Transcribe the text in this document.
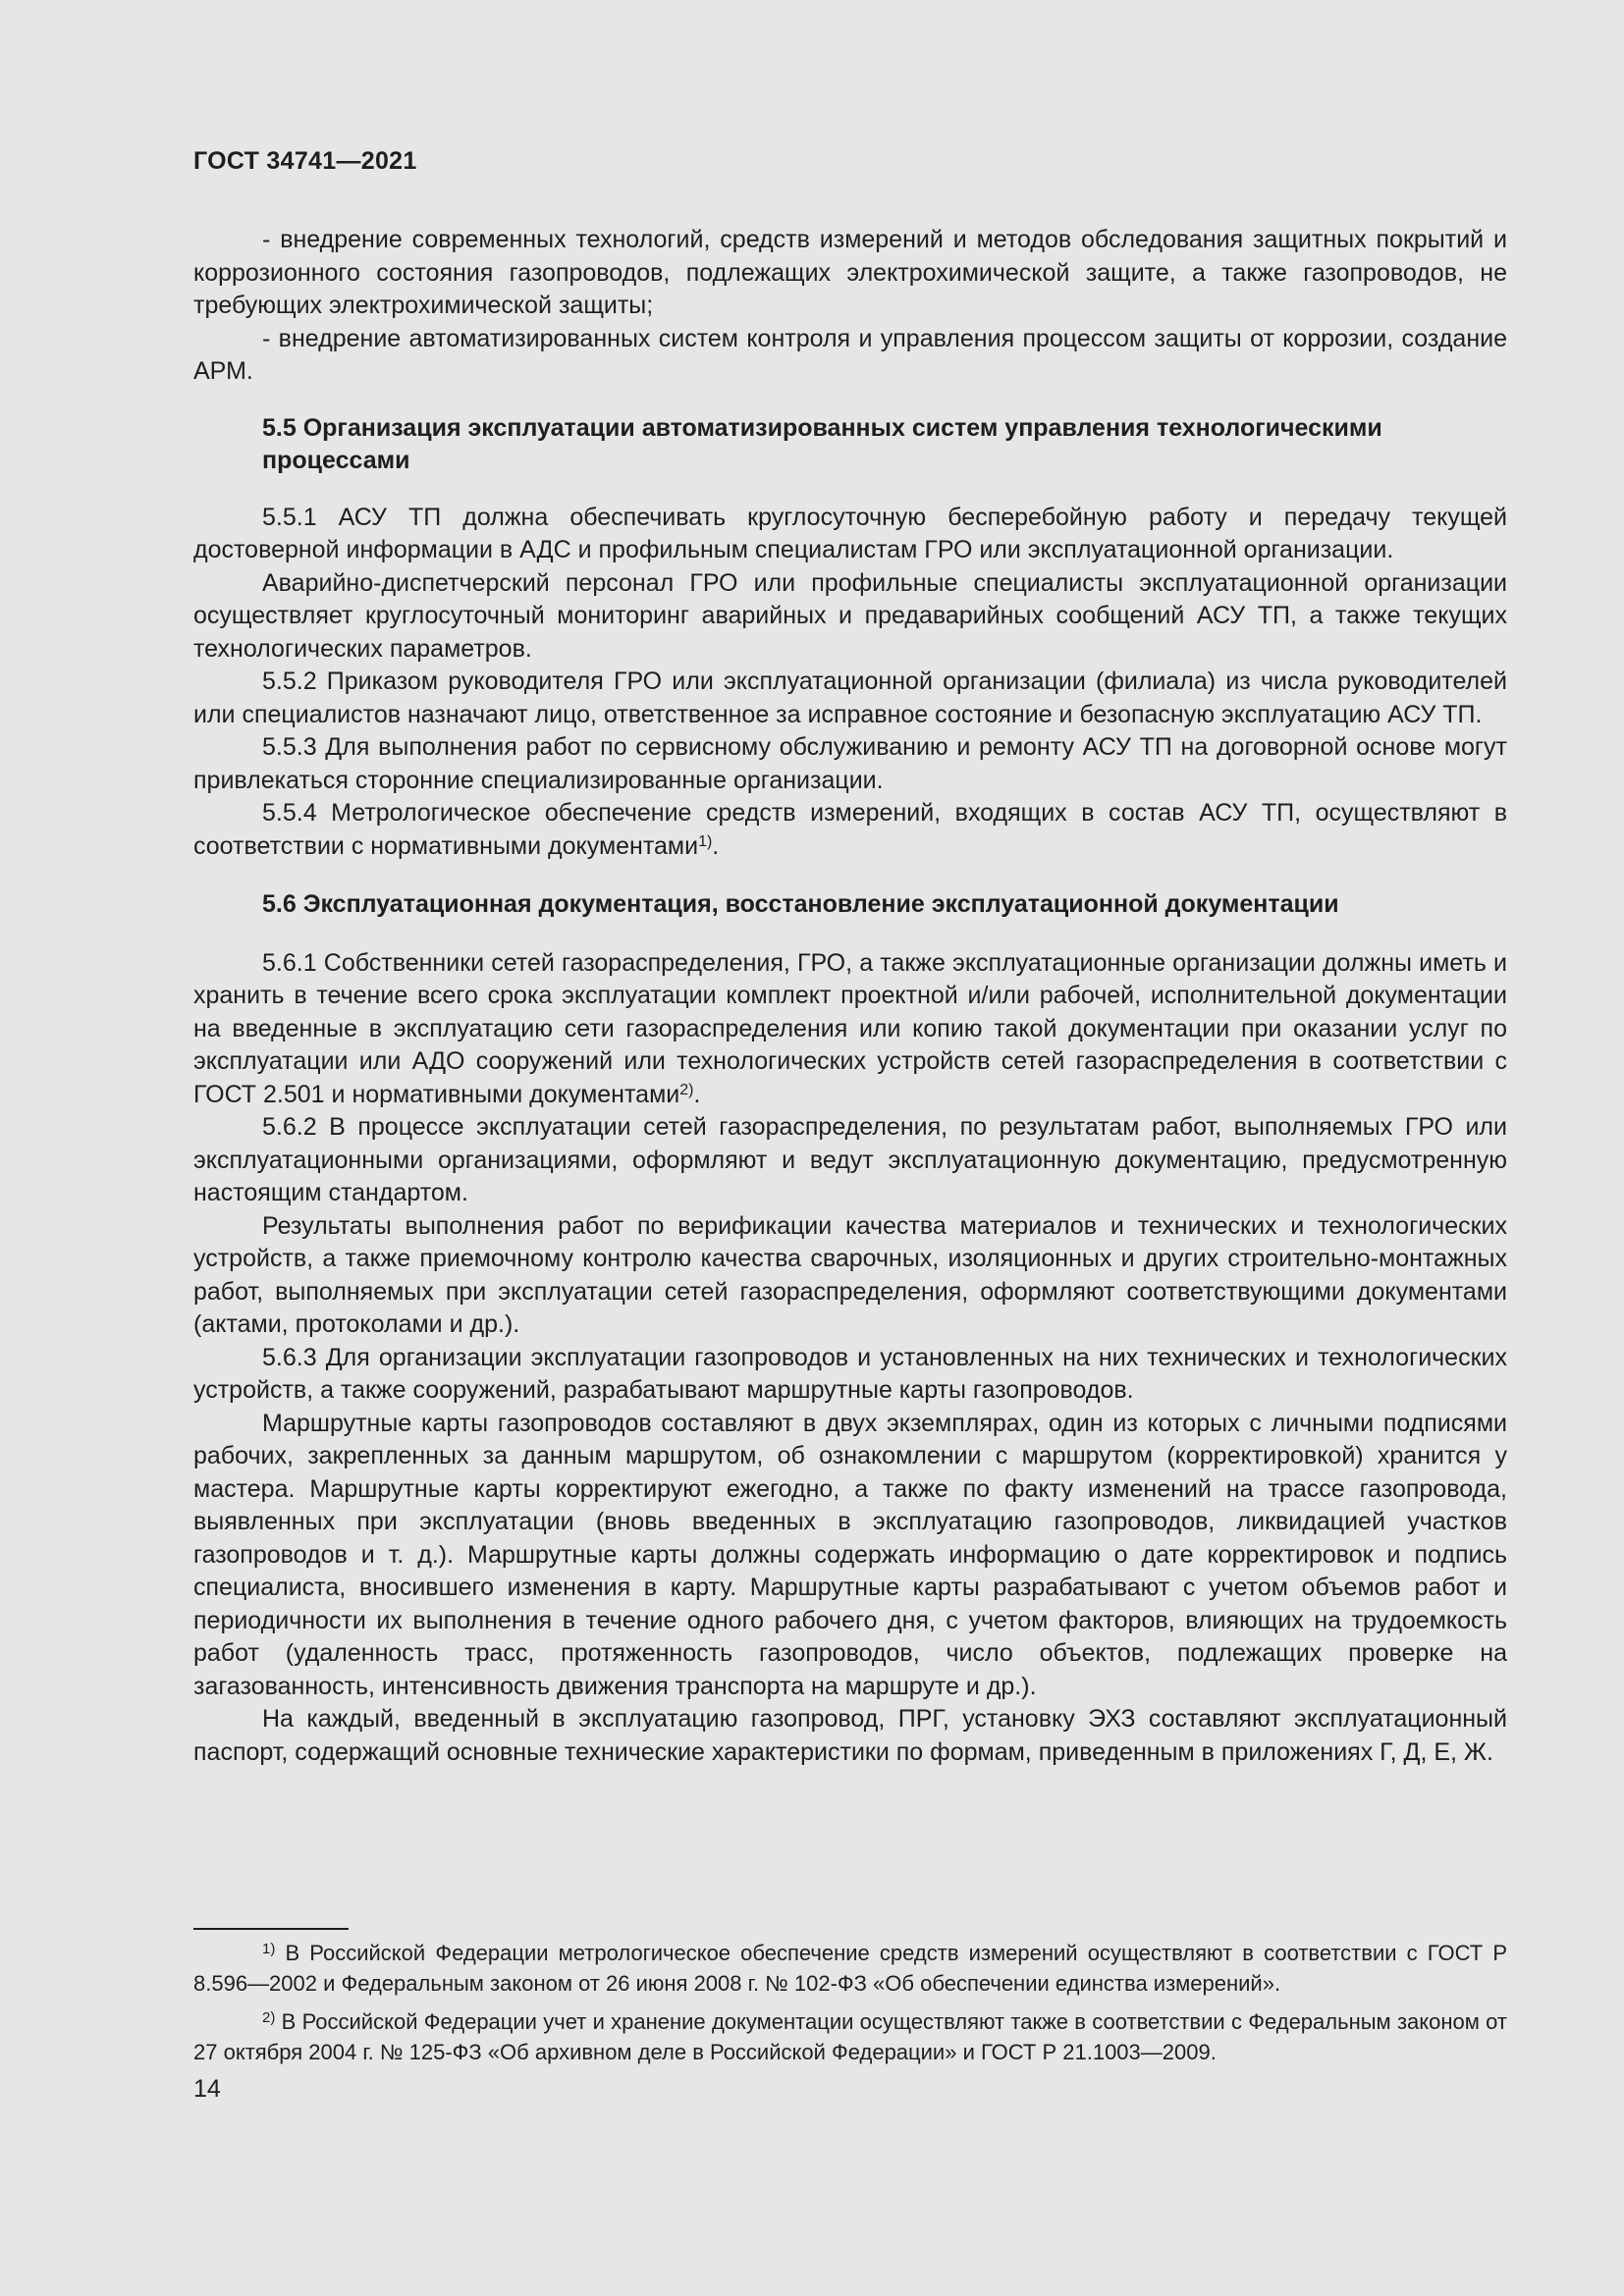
ГОСТ 34741—2021

- внедрение современных технологий, средств измерений и методов обследования защитных покрытий и коррозионного состояния газопроводов, подлежащих электрохимической защите, а также газопроводов, не требующих электрохимической защиты;

- внедрение автоматизированных систем контроля и управления процессом защиты от коррозии, создание АРМ.

5.5 Организация эксплуатации автоматизированных систем управления технологическими процессами

5.5.1 АСУ ТП должна обеспечивать круглосуточную бесперебойную работу и передачу текущей достоверной информации в АДС и профильным специалистам ГРО или эксплуатационной организации.

Аварийно-диспетчерский персонал ГРО или профильные специалисты эксплуатационной организации осуществляет круглосуточный мониторинг аварийных и предаварийных сообщений АСУ ТП, а также текущих технологических параметров.

5.5.2 Приказом руководителя ГРО или эксплуатационной организации (филиала) из числа руководителей или специалистов назначают лицо, ответственное за исправное состояние и безопасную эксплуатацию АСУ ТП.

5.5.3 Для выполнения работ по сервисному обслуживанию и ремонту АСУ ТП на договорной основе могут привлекаться сторонние специализированные организации.

5.5.4 Метрологическое обеспечение средств измерений, входящих в состав АСУ ТП, осуществляют в соответствии с нормативными документами$^{1)}$.

5.6 Эксплуатационная документация, восстановление эксплуатационной документации

5.6.1 Собственники сетей газораспределения, ГРО, а также эксплуатационные организации должны иметь и хранить в течение всего срока эксплуатации комплект проектной и/или рабочей, исполнительной документации на введенные в эксплуатацию сети газораспределения или копию такой документации при оказании услуг по эксплуатации или АДО сооружений или технологических устройств сетей газораспределения в соответствии с ГОСТ 2.501 и нормативными документами$^{2)}$.

5.6.2 В процессе эксплуатации сетей газораспределения, по результатам работ, выполняемых ГРО или эксплуатационными организациями, оформляют и ведут эксплуатационную документацию, предусмотренную настоящим стандартом.

Результаты выполнения работ по верификации качества материалов и технических и технологических устройств, а также приемочному контролю качества сварочных, изоляционных и других строительно-монтажных работ, выполняемых при эксплуатации сетей газораспределения, оформляют соответствующими документами (актами, протоколами и др.).

5.6.3 Для организации эксплуатации газопроводов и установленных на них технических и технологических устройств, а также сооружений, разрабатывают маршрутные карты газопроводов.

Маршрутные карты газопроводов составляют в двух экземплярах, один из которых с личными подписями рабочих, закрепленных за данным маршрутом, об ознакомлении с маршрутом (корректировкой) хранится у мастера. Маршрутные карты корректируют ежегодно, а также по факту изменений на трассе газопровода, выявленных при эксплуатации (вновь введенных в эксплуатацию газопроводов, ликвидацией участков газопроводов и т. д.). Маршрутные карты должны содержать информацию о дате корректировок и подпись специалиста, вносившего изменения в карту. Маршрутные карты разрабатывают с учетом объемов работ и периодичности их выполнения в течение одного рабочего дня, с учетом факторов, влияющих на трудоемкость работ (удаленность трасс, протяженность газопроводов, число объектов, подлежащих проверке на загазованность, интенсивность движения транспорта на маршруте и др.).

На каждый, введенный в эксплуатацию газопровод, ПРГ, установку ЭХЗ составляют эксплуатационный паспорт, содержащий основные технические характеристики по формам, приведенным в приложениях Г, Д, Е, Ж.

$^{1)}$ В Российской Федерации метрологическое обеспечение средств измерений осуществляют в соответствии с ГОСТ Р 8.596—2002 и Федеральным законом от 26 июня 2008 г. № 102-ФЗ «Об обеспечении единства измерений».

$^{2)}$ В Российской Федерации учет и хранение документации осуществляют также в соответствии с Федеральным законом от 27 октября 2004 г. № 125-ФЗ «Об архивном деле в Российской Федерации» и ГОСТ Р 21.1003—2009.

14
